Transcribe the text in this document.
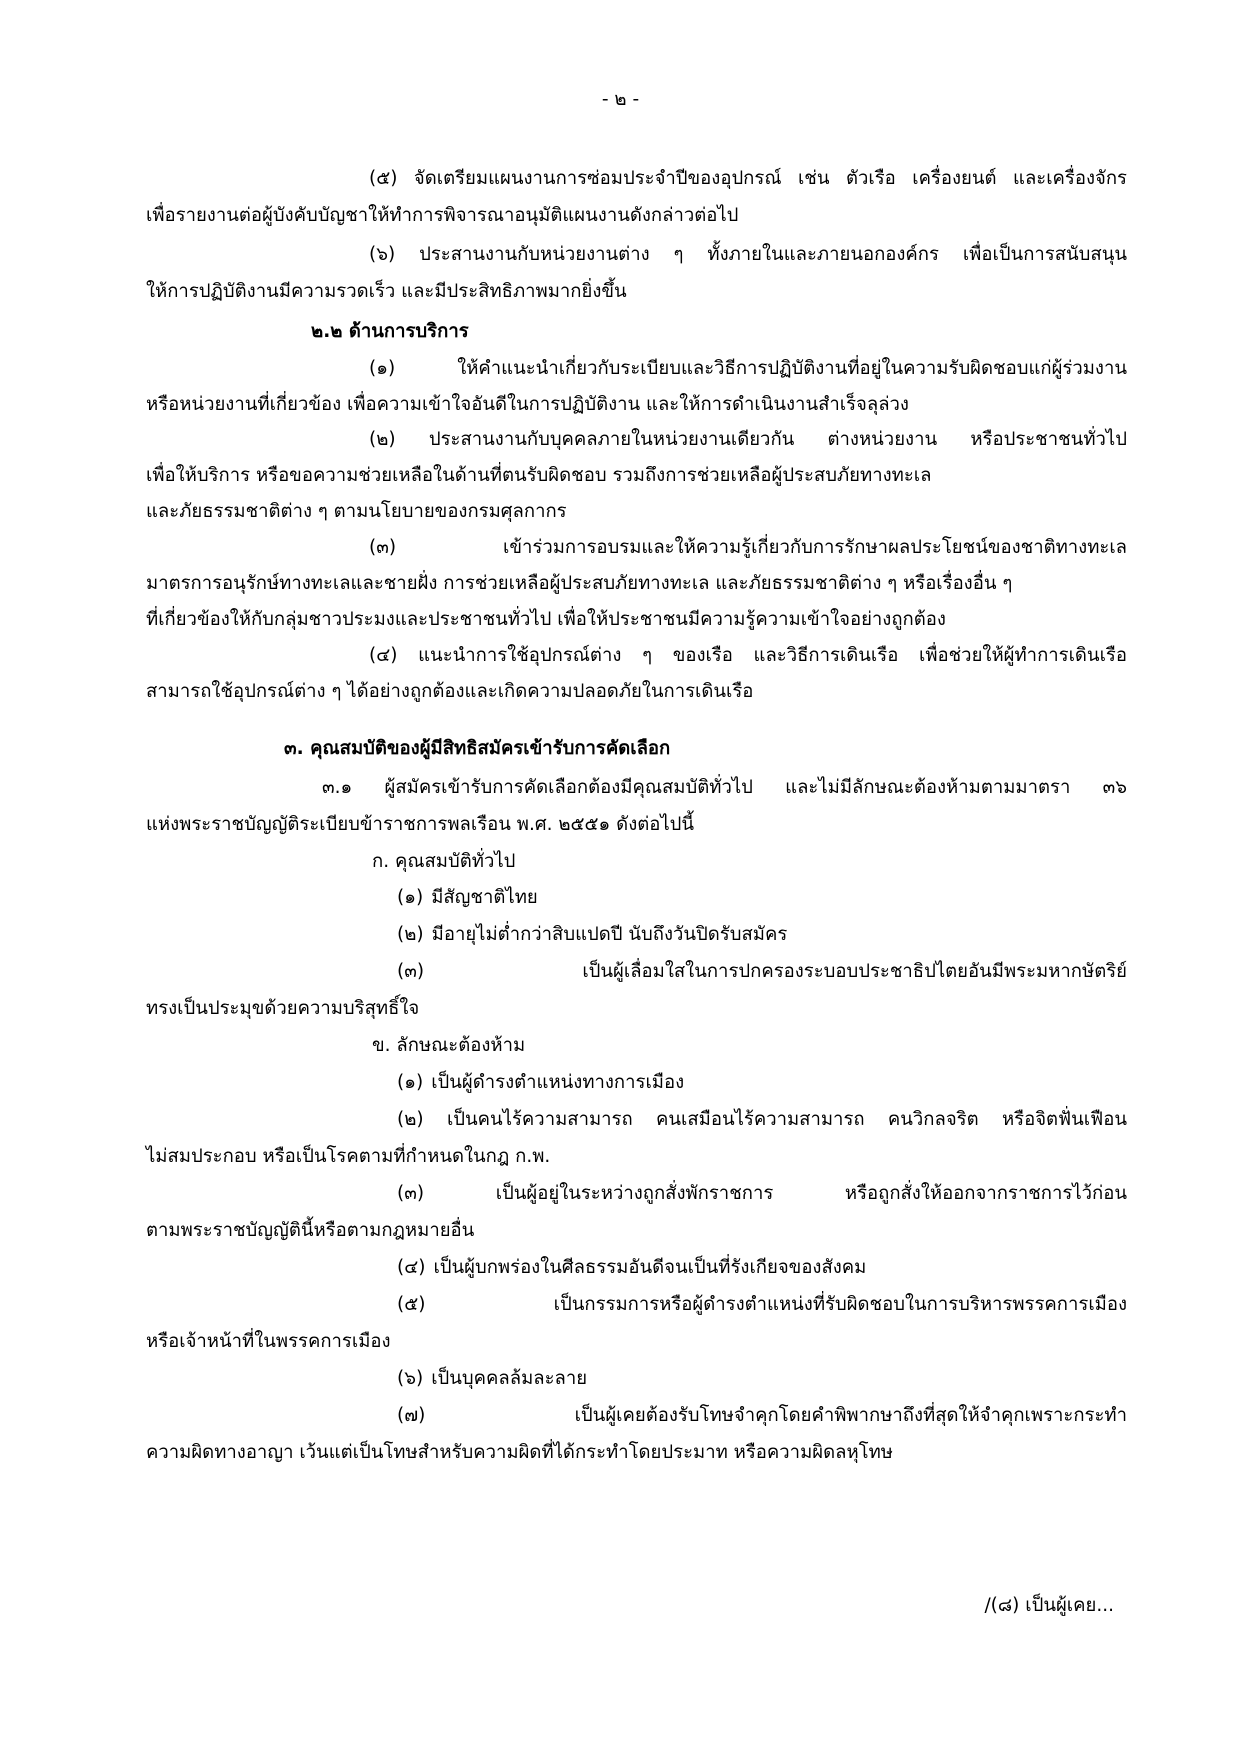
- ๒ -
(๕) จัดเตรียมแผนงานการซ่อมประจำปีของอุปกรณ์ เช่น ตัวเรือ เครื่องยนต์ และเครื่องจักร
เพื่อรายงานต่อผู้บังคับบัญชาให้ทำการพิจารณาอนุมัติแผนงานดังกล่าวต่อไป
(๖) ประสานงานกับหน่วยงานต่าง ๆ ทั้งภายในและภายนอกองค์กร เพื่อเป็นการสนับสนุน
ให้การปฏิบัติงานมีความรวดเร็ว และมีประสิทธิภาพมากยิ่งขึ้น
๒.๒ ด้านการบริการ
(๑)	ให้คำแนะนำเกี่ยวกับระเบียบและวิธีการปฏิบัติงานที่อยู่ในความรับผิดชอบแก่ผู้ร่วมงาน
หรือหน่วยงานที่เกี่ยวข้อง เพื่อความเข้าใจอันดีในการปฏิบัติงาน และให้การดำเนินงานสำเร็จลุล่วง
(๒) ประสานงานกับบุคคลภายในหน่วยงานเดียวกัน ต่างหน่วยงาน หรือประชาชนทั่วไป
เพื่อให้บริการ หรือขอความช่วยเหลือในด้านที่ตนรับผิดชอบ รวมถึงการช่วยเหลือผู้ประสบภัยทางทะเล
และภัยธรรมชาติต่าง ๆ ตามนโยบายของกรมศุลกากร
(๓)	เข้าร่วมการอบรมและให้ความรู้เกี่ยวกับการรักษาผลประโยชน์ของชาติทางทะเล
มาตรการอนุรักษ์ทางทะเลและชายฝั่ง การช่วยเหลือผู้ประสบภัยทางทะเล และภัยธรรมชาติต่าง ๆ หรือเรื่องอื่น ๆ
ที่เกี่ยวข้องให้กับกลุ่มชาวประมงและประชาชนทั่วไป เพื่อให้ประชาชนมีความรู้ความเข้าใจอย่างถูกต้อง
(๔) แนะนำการใช้อุปกรณ์ต่าง ๆ ของเรือ และวิธีการเดินเรือ เพื่อช่วยให้ผู้ทำการเดินเรือ
สามารถใช้อุปกรณ์ต่าง ๆ ได้อย่างถูกต้องและเกิดความปลอดภัยในการเดินเรือ
๓. คุณสมบัติของผู้มีสิทธิสมัครเข้ารับการคัดเลือก
๓.๑ ผู้สมัครเข้ารับการคัดเลือกต้องมีคุณสมบัติทั่วไป และไม่มีลักษณะต้องห้ามตามมาตรา ๓๖
แห่งพระราชบัญญัติระเบียบข้าราชการพลเรือน พ.ศ. ๒๕๕๑ ดังต่อไปนี้
ก. คุณสมบัติทั่วไป
(๑) มีสัญชาติไทย
(๒) มีอายุไม่ต่ำกว่าสิบแปดปี นับถึงวันปิดรับสมัคร
(๓)	เป็นผู้เลื่อมใสในการปกครองระบอบประชาธิปไตยอันมีพระมหากษัตริย์
ทรงเป็นประมุขด้วยความบริสุทธิ์ใจ
ข. ลักษณะต้องห้าม
(๑) เป็นผู้ดำรงตำแหน่งทางการเมือง
(๒) เป็นคนไร้ความสามารถ คนเสมือนไร้ความสามารถ คนวิกลจริต หรือจิตฟั่นเฟือน
ไม่สมประกอบ หรือเป็นโรคตามที่กำหนดในกฎ ก.พ.
(๓)	เป็นผู้อยู่ในระหว่างถูกสั่งพักราชการ	หรือถูกสั่งให้ออกจากราชการไว้ก่อน
ตามพระราชบัญญัตินี้หรือตามกฎหมายอื่น
(๔) เป็นผู้บกพร่องในศีลธรรมอันดีจนเป็นที่รังเกียจของสังคม
(๕)	เป็นกรรมการหรือผู้ดำรงตำแหน่งที่รับผิดชอบในการบริหารพรรคการเมือง
หรือเจ้าหน้าที่ในพรรคการเมือง
(๖) เป็นบุคคลล้มละลาย
(๗)	เป็นผู้เคยต้องรับโทษจำคุกโดยคำพิพากษาถึงที่สุดให้จำคุกเพราะกระทำ
ความผิดทางอาญา เว้นแต่เป็นโทษสำหรับความผิดที่ได้กระทำโดยประมาท หรือความผิดลหุโทษ
/(๘) เป็นผู้เคย...
